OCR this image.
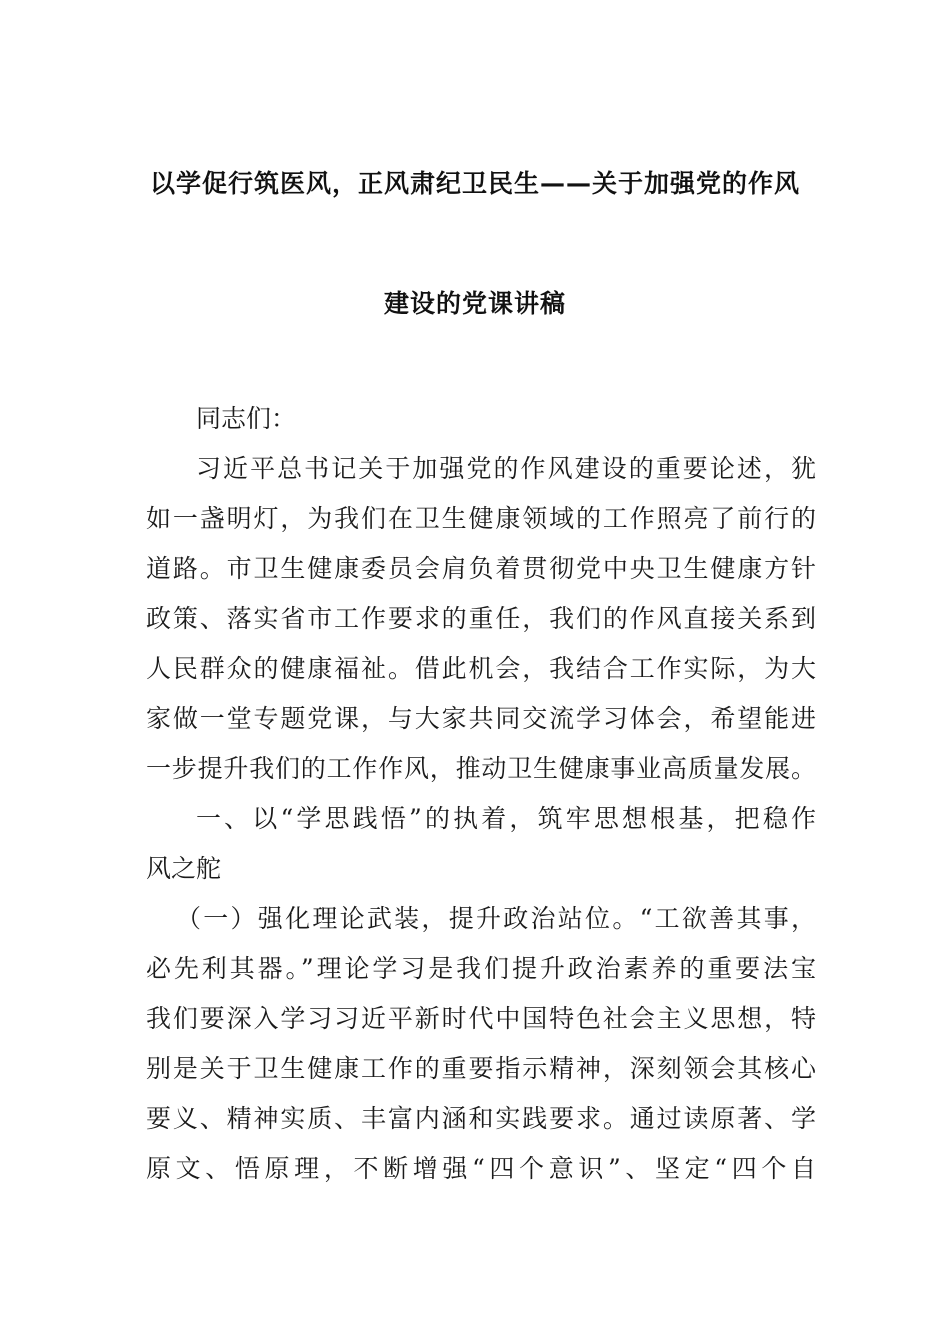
以学促行筑医风，正风肃纪卫民生——关于加强党的作风
建设的党课讲稿
同志们：
习近平总书记关于加强党的作风建设的重要论述，犹
如一盏明灯，为我们在卫生健康领域的工作照亮了前行的
道路。市卫生健康委员会肩负着贯彻党中央卫生健康方针
政策、落实省市工作要求的重任，我们的作风直接关系到
人民群众的健康福祉。借此机会，我结合工作实际，为大
家做一堂专题党课，与大家共同交流学习体会，希望能进
一步提升我们的工作作风，推动卫生健康事业高质量发展。
一、以“学思践悟”的执着，筑牢思想根基，把稳作
风之舵
（一）强化理论武装，提升政治站位。“工欲善其事，
必先利其器。”理论学习是我们提升政治素养的重要法宝
我们要深入学习习近平新时代中国特色社会主义思想，特
别是关于卫生健康工作的重要指示精神，深刻领会其核心
要义、精神实质、丰富内涵和实践要求。通过读原著、学
原文、悟原理，不断增强“四个意识”、坚定“四个自
